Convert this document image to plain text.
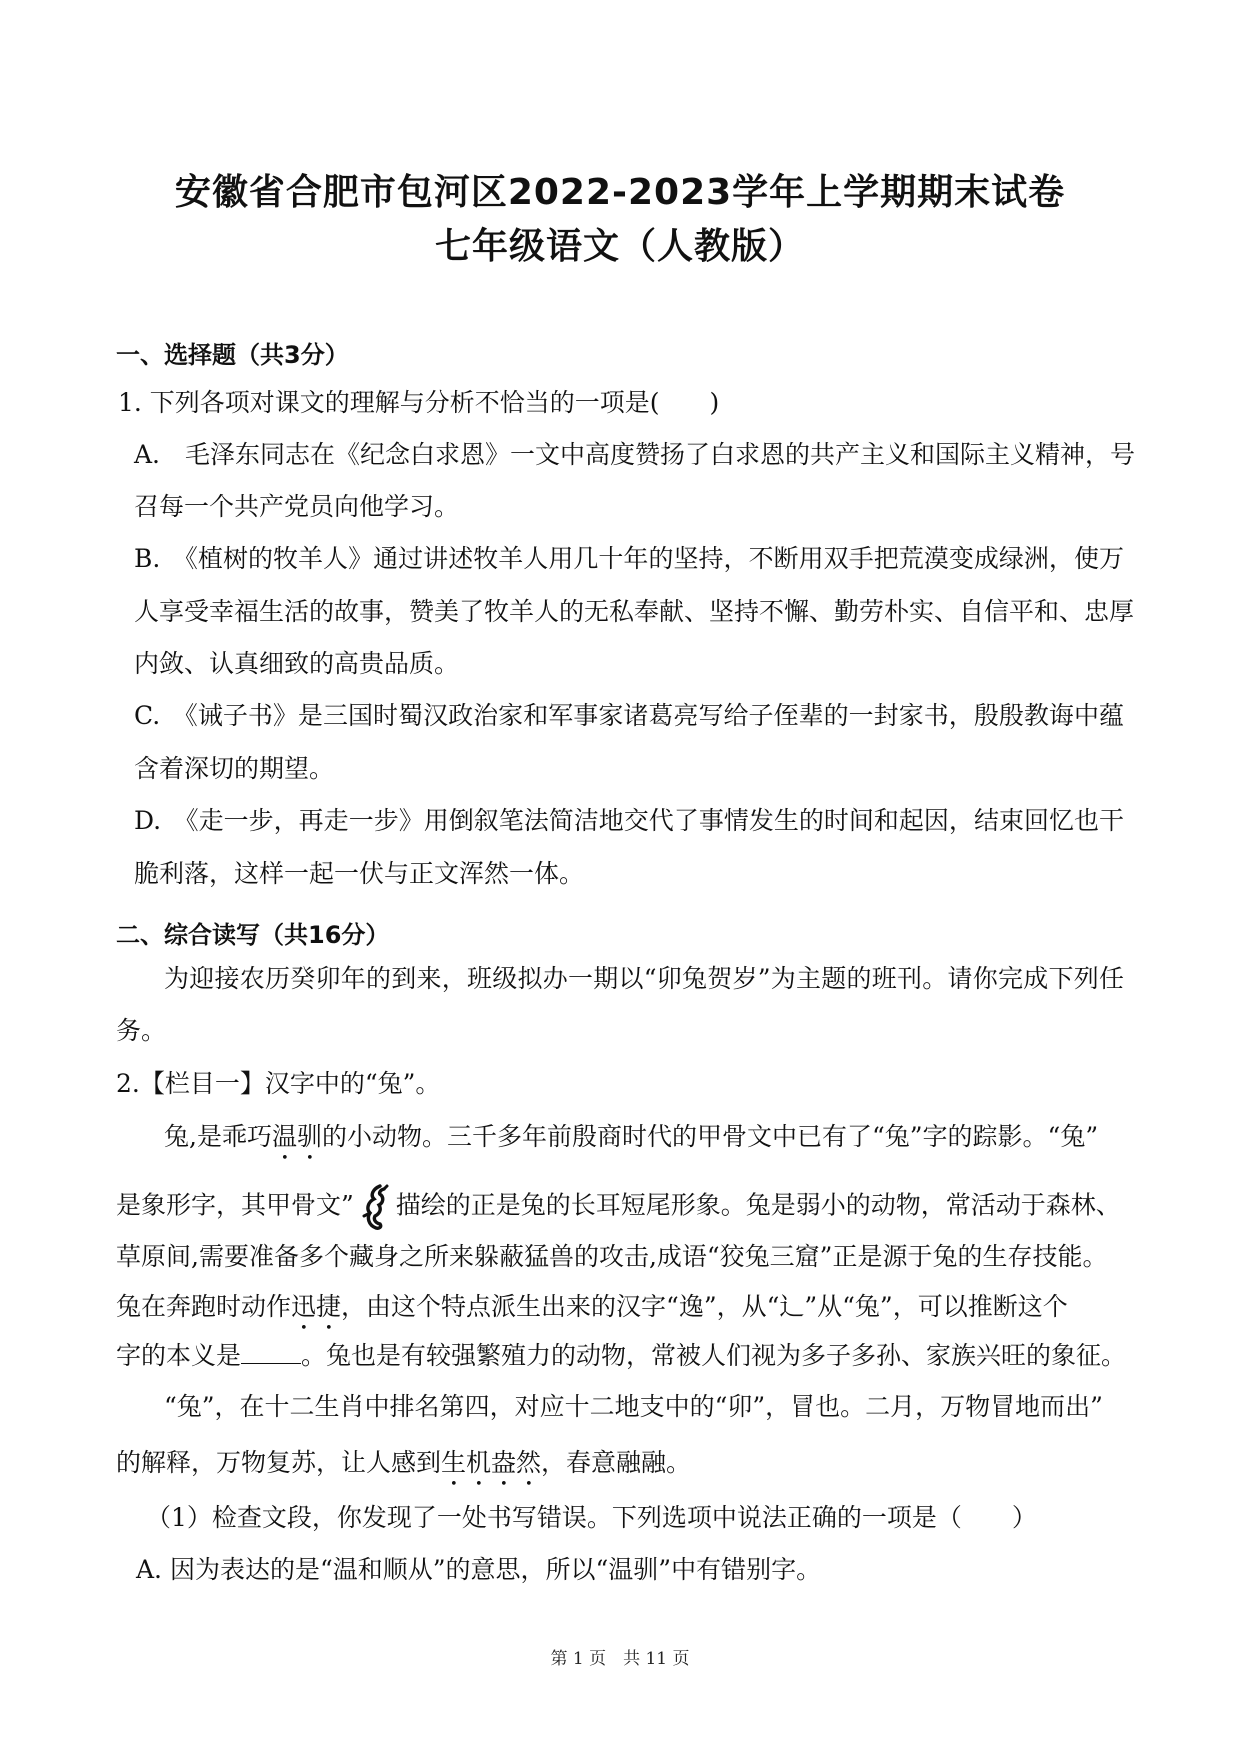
安徽省合肥市包河区2022-2023学年上学期期末试卷
七年级语文（人教版）
一、选择题（共3分）
1. 下列各项对课文的理解与分析不恰当的一项是(　　)
A.　毛泽东同志在《纪念白求恩》一文中高度赞扬了白求恩的共产主义和国际主义精神，号
召每一个共产党员向他学习。
B.　《植树的牧羊人》通过讲述牧羊人用几十年的坚持，不断用双手把荒漠变成绿洲，使万
人享受幸福生活的故事，赞美了牧羊人的无私奉献、坚持不懈、勤劳朴实、自信平和、忠厚
内敛、认真细致的高贵品质。
C.　《诫子书》是三国时蜀汉政治家和军事家诸葛亮写给子侄辈的一封家书，殷殷教诲中蕴
含着深切的期望。
D.　《走一步，再走一步》用倒叙笔法简洁地交代了事情发生的时间和起因，结束回忆也干
脆利落，这样一起一伏与正文浑然一体。
二、综合读写（共16分）
为迎接农历癸卯年的到来，班级拟办一期以“卯兔贺岁”为主题的班刊。请你完成下列任
务。
2.【栏目一】汉字中的“兔”。
兔,是乖巧温驯的小动物。三千多年前殷商时代的甲骨文中已有了“兔”字的踪影。“兔”
是象形字，其甲骨文” 描绘的正是兔的长耳短尾形象。兔是弱小的动物，常活动于森林、
草原间,需要准备多个藏身之所来躲蔽猛兽的攻击,成语“狡兔三窟”正是源于兔的生存技能。
兔在奔跑时动作迅捷，由这个特点派生出来的汉字“逸”，从“辶”从“兔”，可以推断这个
字的本义是 。兔也是有较强繁殖力的动物，常被人们视为多子多孙、家族兴旺的象征。
“兔”，在十二生肖中排名第四，对应十二地支中的“卯”，冒也。二月，万物冒地而出”
的解释，万物复苏，让人感到生机盎然，春意融融。
（1）检查文段，你发现了一处书写错误。下列选项中说法正确的一项是（　　）
A. 因为表达的是“温和顺从”的意思，所以“温驯”中有错别字。
第 1 页　共 11 页
